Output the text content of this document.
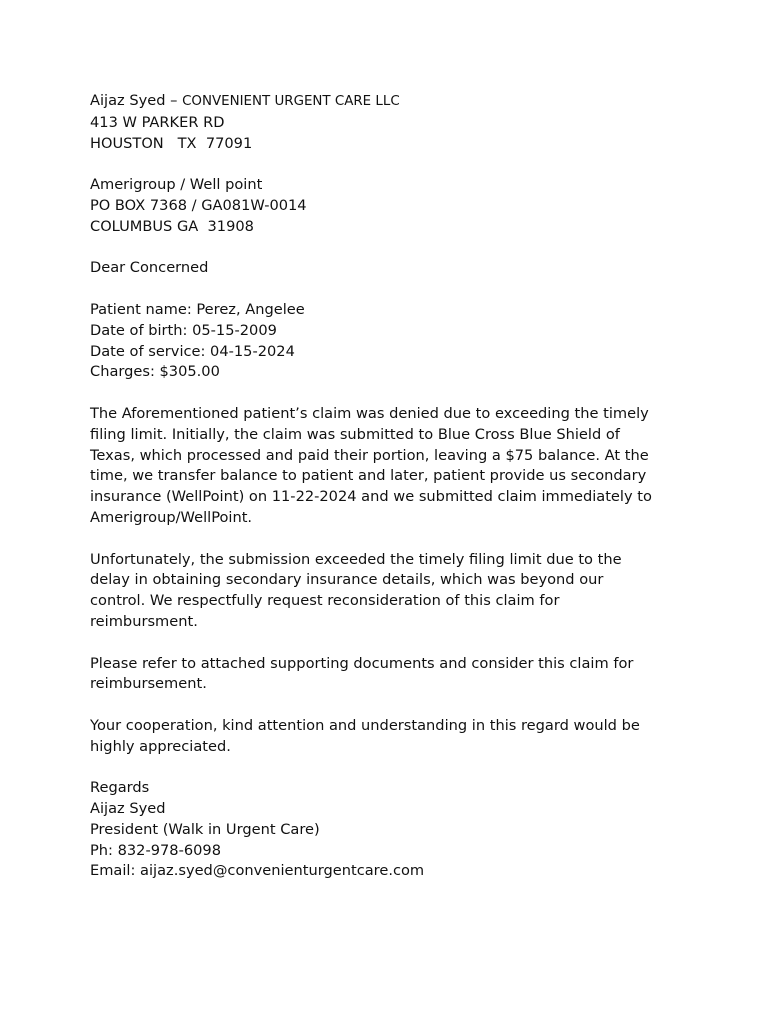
Aijaz Syed – CONVENIENT URGENT CARE LLC
413 W PARKER RD
HOUSTON   TX  77091
Amerigroup / Well point
PO BOX 7368 / GA081W-0014
COLUMBUS GA  31908
Dear Concerned
Patient name: Perez, Angelee
Date of birth: 05-15-2009
Date of service: 04-15-2024
Charges: $305.00
The Aforementioned patient’s claim was denied due to exceeding the timely
filing limit. Initially, the claim was submitted to Blue Cross Blue Shield of
Texas, which processed and paid their portion, leaving a $75 balance. At the
time, we transfer balance to patient and later, patient provide us secondary
insurance (WellPoint) on 11-22-2024 and we submitted claim immediately to
Amerigroup/WellPoint.
Unfortunately, the submission exceeded the timely filing limit due to the
delay in obtaining secondary insurance details, which was beyond our
control. We respectfully request reconsideration of this claim for
reimbursment.
Please refer to attached supporting documents and consider this claim for
reimbursement.
Your cooperation, kind attention and understanding in this regard would be
highly appreciated.
Regards
Aijaz Syed
President (Walk in Urgent Care)
Ph: 832-978-6098
Email: aijaz.syed@convenienturgentcare.com
